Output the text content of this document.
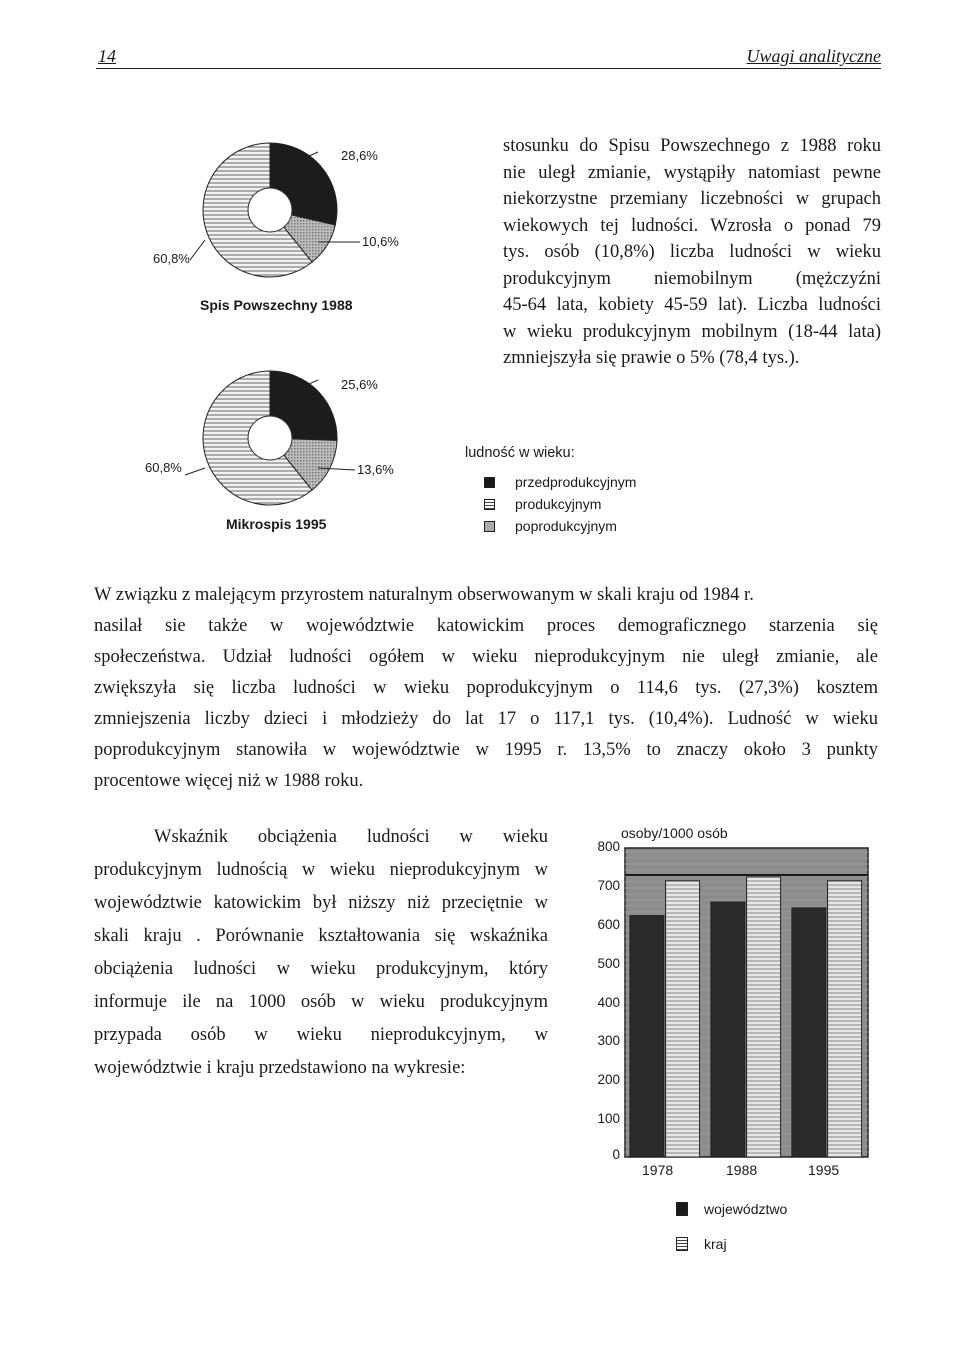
14	Uwagi analityczne
28,6%
10,6%
60,8%
Spis Powszechny 1988
25,6%
13,6%
60,8%
Mikrospis 1995
ludność w wieku:
przedprodukcyjnym
produkcyjnym
poprodukcyjnym

stosunku do Spisu Powszechnego z 1988 roku

nie uległ zmianie, wystąpiły natomiast pewne

niekorzystne przemiany liczebności w grupach

wiekowych tej ludności. Wzrosła o ponad 79

tys. osób (10,8%) liczba ludności w wieku

produkcyjnym niemobilnym (mężczyźni

45-64 lata, kobiety 45-59 lat). Liczba ludności

w wieku produkcyjnym mobilnym (18-44 lata)

zmniejszyła się prawie o 5% (78,4 tys.).

W związku z malejącym przyrostem naturalnym obserwowanym w skali kraju od 1984 r.

nasilał sie także w województwie katowickim proces demograficznego starzenia się

społeczeństwa. Udział ludności ogółem w wieku nieprodukcyjnym nie uległ zmianie, ale

zwiększyła się liczba ludności w wieku poprodukcyjnym o 114,6 tys. (27,3%) kosztem

zmniejszenia liczby dzieci i młodzieży do lat 17 o 117,1 tys. (10,4%). Ludność w wieku

poprodukcyjnym stanowiła w województwie w 1995 r. 13,5% to znaczy około 3 punkty

procentowe więcej niż w 1988 roku.

Wskaźnik obciążenia ludności w wieku

produkcyjnym ludnością w wieku nieprodukcyjnym w

województwie katowickim był niższy niż przeciętnie w

skali kraju . Porównanie kształtowania się wskaźnika

obciążenia ludności w wieku produkcyjnym, który

informuje ile na 1000 osób w wieku produkcyjnym

przypada osób w wieku nieprodukcyjnym, w

województwie i kraju przedstawiono na wykresie:

osoby/1000 osób
800
700
600
500
400
300
200
100
0
1978	1988	1995
województwo
kraj
